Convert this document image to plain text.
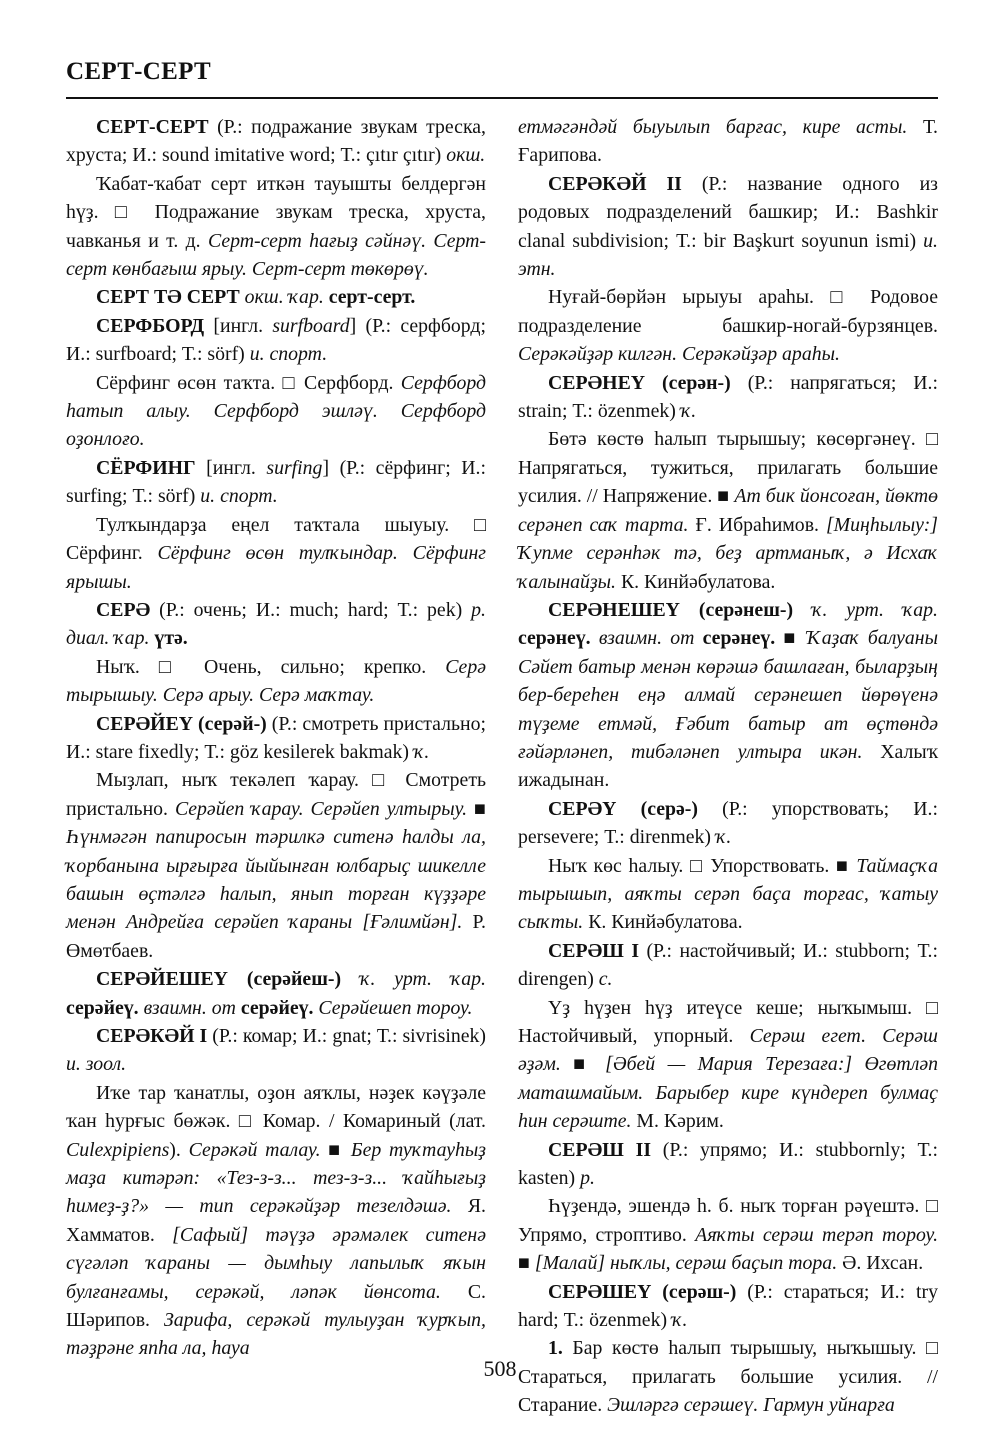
СЕРТ-СЕРТ

СЕРТ-СЕРТ (Р.: подражание звукам треска, хруста; И.: sound imitative word; Т.: çıtır çıtır) окш.

Ҡабат-ҡабат серт иткән тауышты белдергән һүҙ. □ Подражание звукам треска, хруста, чавканья и т. д. Серт-серт һағыҙ сәйнәү. Серт-серт көнбағыш ярыу. Серт-серт төкөрөү.

СЕРТ ТӘ СЕРТ окш. ҡар. серт-серт.

СЕРФБОРД [ингл. surfboard] (Р.: серфборд; И.: surfboard; Т.: sörf) и. спорт.

Сёрфинг өсөн таҡта. □ Серфборд. Серфборд һатып алыу. Серфборд эшләү. Серфборд оҙонлоғо.

СЁРФИНГ [ингл. surfing] (Р.: сёрфинг; И.: surfing; Т.: sörf) и. спорт.

Тулҡындарҙа еңел таҡтала шыуыу. □ Сёрфинг. Сёрфинг өсөн тулҡындар. Сёрфинг ярышы.

СЕРӘ (Р.: очень; И.: much; hard; Т.: pek) р. диал. ҡар. үтә.

Ныҡ. □ Очень, сильно; крепко. Серә тырышыу. Серә арыу. Серә маҡтау.

СЕРӘЙЕҮ (серәй-) (Р.: смотреть пристально; И.: stare fixedly; Т.: göz kesilerek bakmak) ҡ.

Мыҙлап, ныҡ текәлеп ҡарау. □ Смотреть пристально. Серәйеп ҡарау. Серәйеп ултырыу. ■ Һүнмәгән папиросын тәрилкә ситенә һалды ла, ҡорбанына ырғырға йыйынған юлбарыҫ шикелле башын өҫтәлгә һалып, янып торған күҙҙәре менән Андрейға серәйеп ҡараны [Ғәлимйән]. Р. Өмөтбаев.

СЕРӘЙЕШЕҮ (серәйеш-) ҡ. урт. ҡар. серәйеү. взаимн. от серәйеү. Серәйешеп тороу.

СЕРӘКӘЙ I (Р.: комар; И.: gnat; Т.: sivrisinek) и. зоол.

Иҡе тар ҡанатлы, оҙон аяҡлы, нәҙек кәүҙәле ҡан һурғыс бөжәк. □ Комар. / Комариный (лат. Culexpipiens). Серәкәй талау. ■ Бер туҡтауһыҙ маҙа китәрәп: «Тез-з-з... тез-з-з... ҡайһығыҙ һимеҙ-ҙ?» — тип серәкәйҙәр тезелдәшә. Я. Хамматов. [Сафый] тәүҙә әрәмәлек ситенә сүгәләп ҡараны — дымһыу лапылыҡ яҡын булғанғамы, серәкәй, ләпәк йөнсота. С. Шәрипов. Зарифа, серәкәй тулыуҙан ҡурҡып, тәҙрәне япһа ла, һауа

етмәгәндәй быуылып барғас, кире асты. Т. Ғарипова.

СЕРӘКӘЙ II (Р.: название одного из родовых подразделений башкир; И.: Bashkir clanal subdivision; Т.: bir Başkurt soyunun ismi) и. этн.

Нуғай-бөрйән ырыуы араһы. □ Родовое подразделение башкир-ногай-бурзянцев. Серәкәйҙәр килгән. Серәкәйҙәр араһы.

СЕРӘНЕҮ (серән-) (Р.: напрягаться; И.: strain; Т.: özenmek) ҡ.

Бөтә көстө һалып тырышыу; көсөргәнеү. □ Напрягаться, тужиться, прилагать большие усилия. // Напряжение. ■ Ат бик йонсоған, йөктө серәнеп саҡ тарта. Ғ. Ибраһимов. [Миңһылыу:] Ҡупме серәнһәк тә, беҙ артманыҡ, ә Исхаҡ ҡалынайҙы. К. Кинйәбулатова.

СЕРӘНЕШЕҮ (серәнеш-) ҡ. урт. ҡар. серәнеү. взаимн. от серәнеү. ■ Ҡаҙаҡ балуаны Сәйет батыр менән көрәшә башлаған, быларҙың бер-береһен еңә алмай серәнешеп йөрөүенә түҙеме етмәй, Ғәбит батыр ат өҫтөндә ғәйәрләнеп, тибәләнеп ултыра икән. Халыҡ ижадынан.

СЕРӘҮ (серә-) (Р.: упорствовать; И.: persevere; Т.: direnmek) ҡ.

Ныҡ көс һалыу. □ Упорствовать. ■ Таймаҫҡа тырышып, аяҡты серәп баҫа торғас, ҡатыу сыҡты. К. Кинйәбулатова.

СЕРӘШ I (Р.: настойчивый; И.: stubborn; Т.: direngen) с.

Үҙ һүҙен һүҙ итеүсе кеше; ныҡымыш. □ Настойчивый, упорный. Серәш егет. Серәш әҙәм. ■ [Әбей — Мария Терезаға:] Өгөтләп маташмайым. Барыбер кире күндереп булмаҫ һин серәште. М. Кәрим.

СЕРӘШ II (Р.: упрямо; И.: stubbornly; Т.: kasten) р.

Һүҙендә, эшендә һ. б. ныҡ торған рәүештә. □ Упрямо, строптиво. Аяҡты серәш терәп тороу. ■ [Малай] ныҡлы, серәш баҫып тора. Ә. Ихсан.

СЕРӘШЕҮ (серәш-) (Р.: стараться; И.: try hard; Т.: özenmek) ҡ.

1. Бар көстө һалып тырышыу, ныҡышыу. □ Стараться, прилагать большие усилия. // Старание. Эшләргә серәшеү. Гармун уйнарға

508
